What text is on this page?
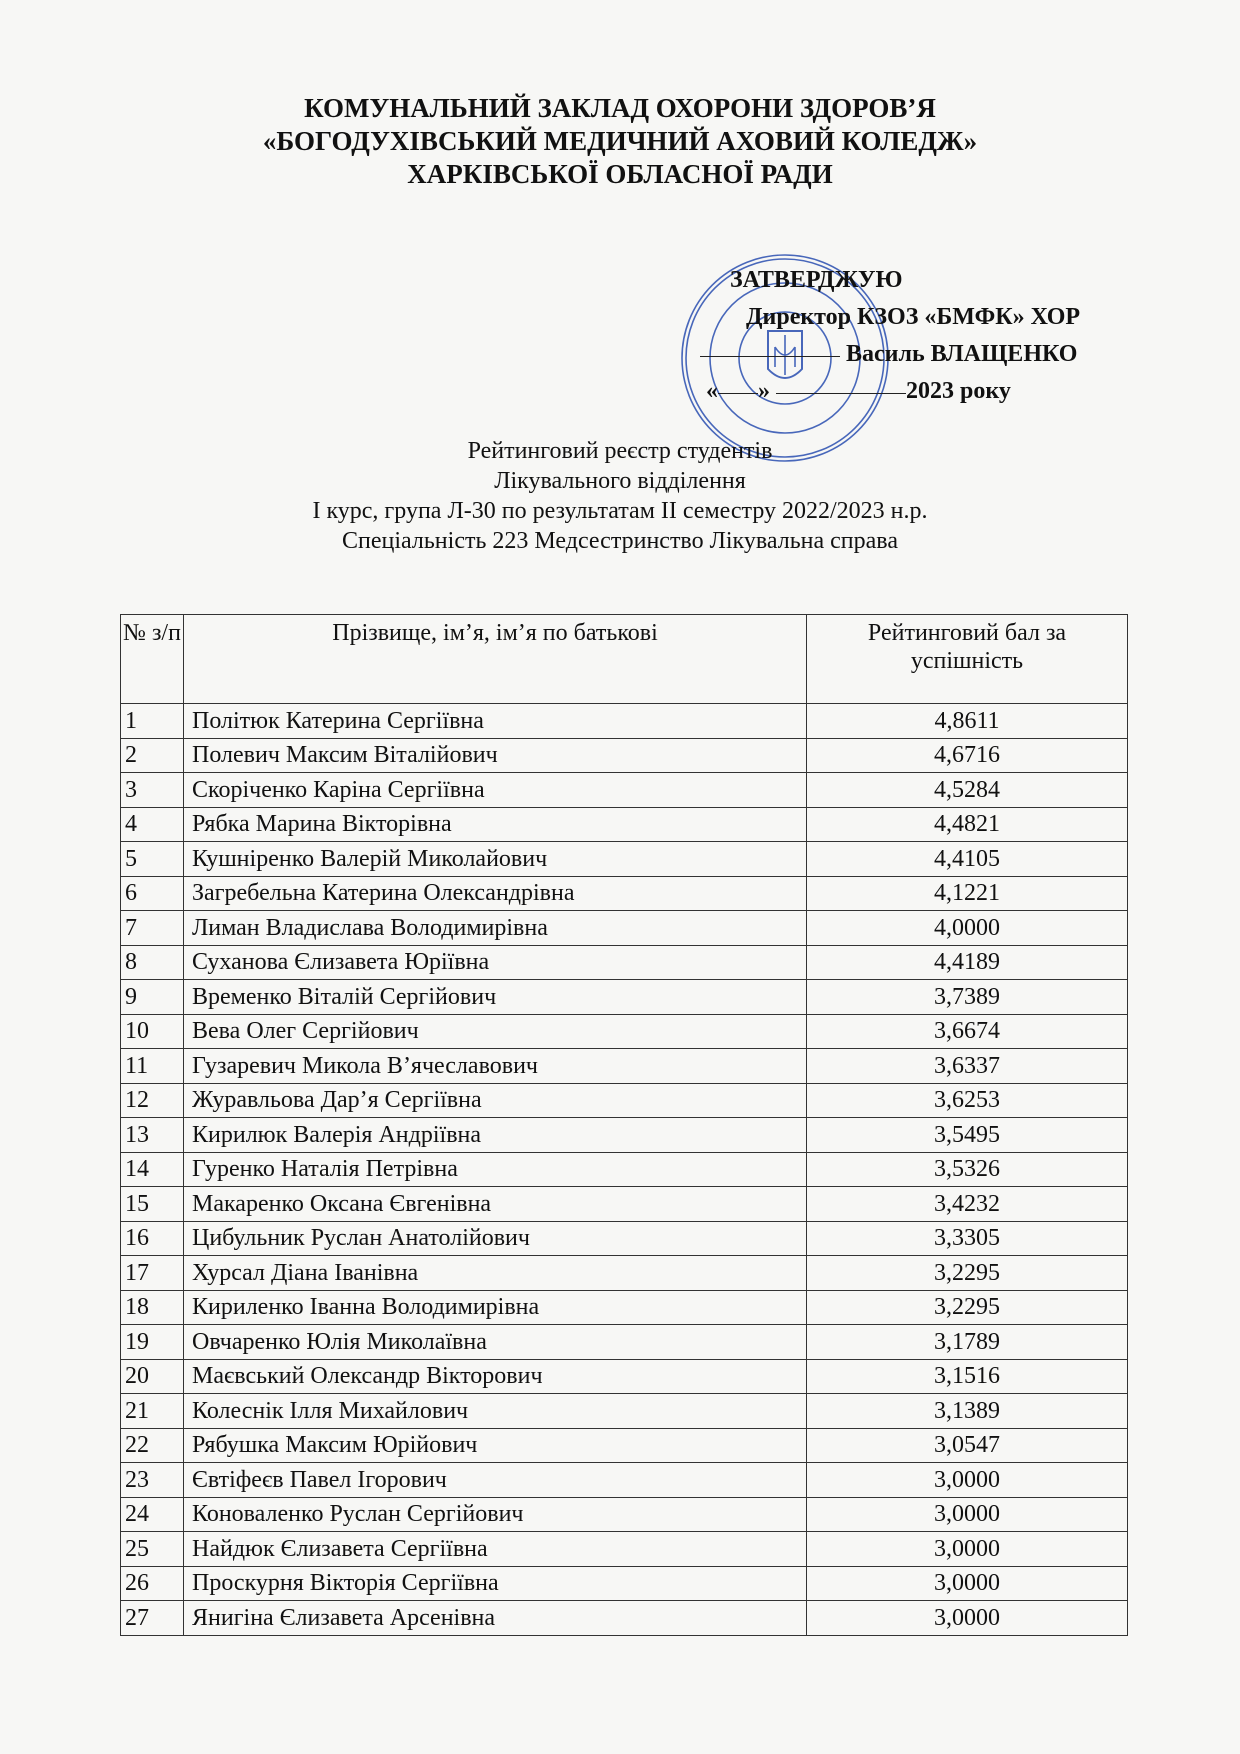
КОМУНАЛЬНИЙ ЗАКЛАД ОХОРОНИ ЗДОРОВ’Я
«БОГОДУХІВСЬКИЙ МЕДИЧНИЙ АХОВИЙ КОЛЕДЖ»
ХАРКІВСЬКОЇ ОБЛАСНОЇ РАДИ
ЗАТВЕРДЖУЮ
Директор КЗОЗ «БМФК» ХОР
Василь ВЛАЩЕНКО
« »	2023 року
Рейтинговий реєстр студентів
Лікувального відділення
І курс, група Л-30 по результатам ІІ семестру 2022/2023 н.р.
Спеціальність 223 Медсестринство Лікувальна справа
№ з/п	Прізвище, ім’я, ім’я по батькові	Рейтинговий бал за успішність
1	Політюк Катерина Сергіївна	4,8611
2	Полевич Максим Віталійович	4,6716
3	Скоріченко Каріна Сергіївна	4,5284
4	Рябка Марина Вікторівна	4,4821
5	Кушніренко Валерій Миколайович	4,4105
6	Загребельна Катерина Олександрівна	4,1221
7	Лиман Владислава Володимирівна	4,0000
8	Суханова Єлизавета Юріївна	4,4189
9	Временко Віталій Сергійович	3,7389
10	Вева Олег Сергійович	3,6674
11	Гузаревич Микола В’ячеславович	3,6337
12	Журавльова Дар’я Сергіївна	3,6253
13	Кирилюк Валерія Андріївна	3,5495
14	Гуренко Наталія Петрівна	3,5326
15	Макаренко Оксана Євгенівна	3,4232
16	Цибульник Руслан Анатолійович	3,3305
17	Хурсал Діана Іванівна	3,2295
18	Кириленко Іванна Володимирівна	3,2295
19	Овчаренко Юлія Миколаївна	3,1789
20	Маєвський Олександр Вікторович	3,1516
21	Колеснік Ілля Михайлович	3,1389
22	Рябушка Максим Юрійович	3,0547
23	Євтіфеєв Павел Ігорович	3,0000
24	Коноваленко Руслан Сергійович	3,0000
25	Найдюк Єлизавета Сергіївна	3,0000
26	Проскурня Вікторія Сергіївна	3,0000
27	Янигіна Єлизавета Арсенівна	3,0000
